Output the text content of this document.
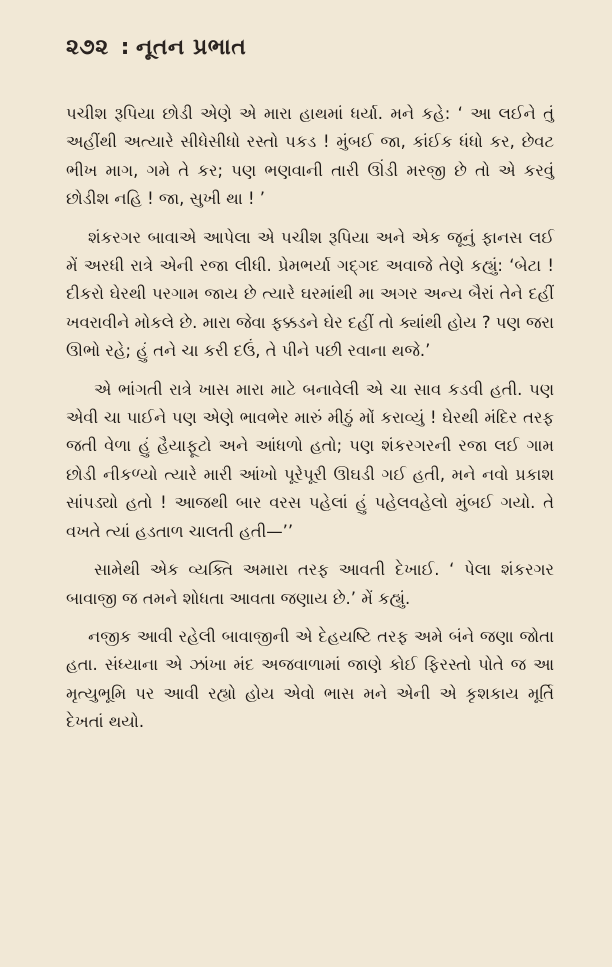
૨૭૨ : નૂતન પ્રભાત

પચીશ રૂપિયા છોડી એણે એ મારા હાથમાં ધર્યા. મને કહે: ‘ આ લઈને તું અહીંથી અત્યારે સીધેસીધો રસ્તો પકડ ! મુંબઈ જા, કાંઈક ધંધો કર, છેવટ ભીખ માગ, ગમે તે કર; પણ ભણવાની તારી ઊંડી મરજી છે તો એ કરવું છોડીશ નહિ ! જા, સુખી થા ! ’

શંકરગર બાવાએ આપેલા એ પચીશ રૂપિયા અને એક જૂનું ફાનસ લઈ મેં અરધી રાત્રે એની રજા લીધી. પ્રેમભર્યા ગદ્ગદ અવાજે તેણે કહ્યું: ‘બેટા ! દીકરો ઘેરથી પરગામ જાય છે ત્યારે ઘરમાંથી મા અગર અન્ય બૈરાં તેને દહીં ખવરાવીને મોકલે છે. મારા જેવા ફક્કડને ઘેર દહીં તો ક્યાંથી હોય ? પણ જરા ઊભો રહે; હું તને ચા કરી દઉં, તે પીને પછી રવાના થજે.’

એ ભાંગતી રાત્રે ખાસ મારા માટે બનાવેલી એ ચા સાવ કડવી હતી. પણ એવી ચા પાઈને પણ એણે ભાવભેર મારું મીઠું મોં કરાવ્યું ! ઘેરથી મંદિર તરફ જતી વેળા હું હૈયાફૂટો અને આંધળો હતો; પણ શંકરગરની રજા લઈ ગામ છોડી નીકળ્યો ત્યારે મારી આંખો પૂરેપૂરી ઊઘડી ગઈ હતી, મને નવો પ્રકાશ સાંપડ્યો હતો ! આજથી બાર વરસ પહેલાં હું પહેલવહેલો મુંબઈ ગયો. તે વખતે ત્યાં હડતાળ ચાલતી હતી—’’

સામેથી એક વ્યક્તિ અમારા તરફ આવતી દેખાઈ. ‘ પેલા શંકરગર બાવાજી જ તમને શોધતા આવતા જણાય છે.’ મેં કહ્યું.

નજીક આવી રહેલી બાવાજીની એ દેહયષ્ટિ તરફ અમે બંને જણા જોતા હતા. સંધ્યાના એ ઝાંખા મંદ અજવાળામાં જાણે કોઈ ફિરસ્તો પોતે જ આ મૃત્યુભૂમિ પર આવી રહ્યો હોય એવો ભાસ મને એની એ કૃશકાય મૂર્તિ દેખતાં થયો.
